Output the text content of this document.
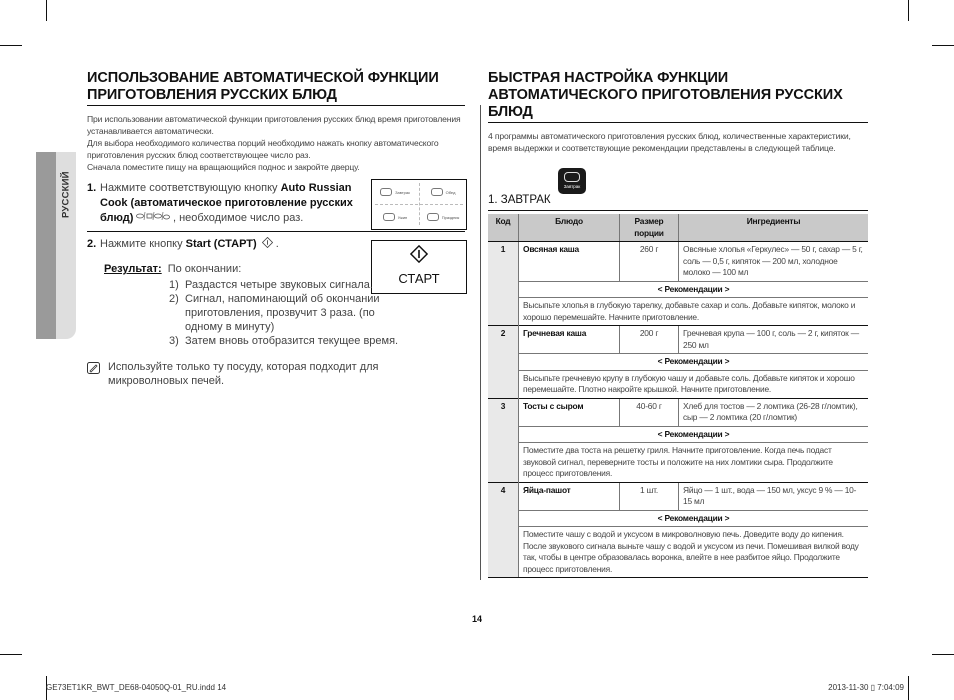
РУССКИЙ
ИСПОЛЬЗОВАНИЕ АВТОМАТИЧЕСКОЙ ФУНКЦИИ ПРИГОТОВЛЕНИЯ РУССКИХ БЛЮД
При использовании автоматической функции приготовления русских блюд время приготовления устанавливается автоматически.
Для выбора необходимого количества порций необходимо нажать кнопку автоматического приготовления русских блюд соответствующее число раз.
Сначала поместите пищу на вращающийся поднос и закройте дверцу.
1. Нажмите соответствующую кнопку Auto Russian Cook (автоматическое приготовление русских блюд)	, необходимое число раз.
Завтрак	Обед
Ужин	Праздник
2. Нажмите кнопку Start (СТАРТ)  .
СТАРТ
Результат: По окончании:
1) Раздастся четыре звуковых сигнала.
2) Сигнал, напоминающий об окончании приготовления, прозвучит 3 раза. (по одному в минуту)
3) Затем вновь отобразится текущее время.
Используйте только ту посуду, которая подходит для микроволновых печей.
БЫСТРАЯ НАСТРОЙКА ФУНКЦИИ АВТОМАТИЧЕСКОГО ПРИГОТОВЛЕНИЯ РУССКИХ БЛЮД
4 программы автоматического приготовления русских блюд, количественные характеристики, время выдержки и соответствующие рекомендации представлены в следующей таблице.
1. ЗАВТРАК
Завтрак
Код	Блюдо	Размер порции	Ингредиенты
1	Овсяная каша	260 г	Овсяные хлопья «Геркулес» — 50 г, сахар — 5 г, соль — 0,5 г, кипяток — 200 мл, холодное молоко — 100 мл
	< Рекомендации >		
	Высыпьте хлопья в глубокую тарелку, добавьте сахар и соль. Добавьте кипяток, молоко и хорошо перемешайте. Начните приготовление.		
2	Гречневая каша	200 г	Гречневая крупа — 100 г, соль — 2 г, кипяток — 250 мл
	< Рекомендации >		
	Высыпьте гречневую крупу в глубокую чашу и добавьте соль. Добавьте кипяток и хорошо перемешайте. Плотно накройте крышкой. Начните приготовление.		
3	Тосты с сыром	40-60 г	Хлеб для тостов — 2 ломтика (26-28 г/ломтик), сыр — 2 ломтика (20 г/ломтик)
	< Рекомендации >		
	Поместите два тоста на решетку гриля. Начните приготовление. Когда печь подаст звуковой сигнал, переверните тосты и положите на них ломтики сыра. Продолжите процесс приготовления.		
4	Яйца-пашот	1 шт.	Яйцо — 1 шт., вода — 150 мл, уксус 9 % — 10-15 мл
	< Рекомендации >		
	Поместите чашу с водой и уксусом в микроволновую печь. Доведите воду до кипения. После звукового сигнала выньте чашу с водой и уксусом из печи. Помешивая вилкой воду так, чтобы в центре образовалась воронка, влейте в нее разбитое яйцо. Продолжите процесс приготовления.		
14
GE73ET1KR_BWT_DE68-04050Q-01_RU.indd 14	2013-11-30 ▯ 7:04:09
